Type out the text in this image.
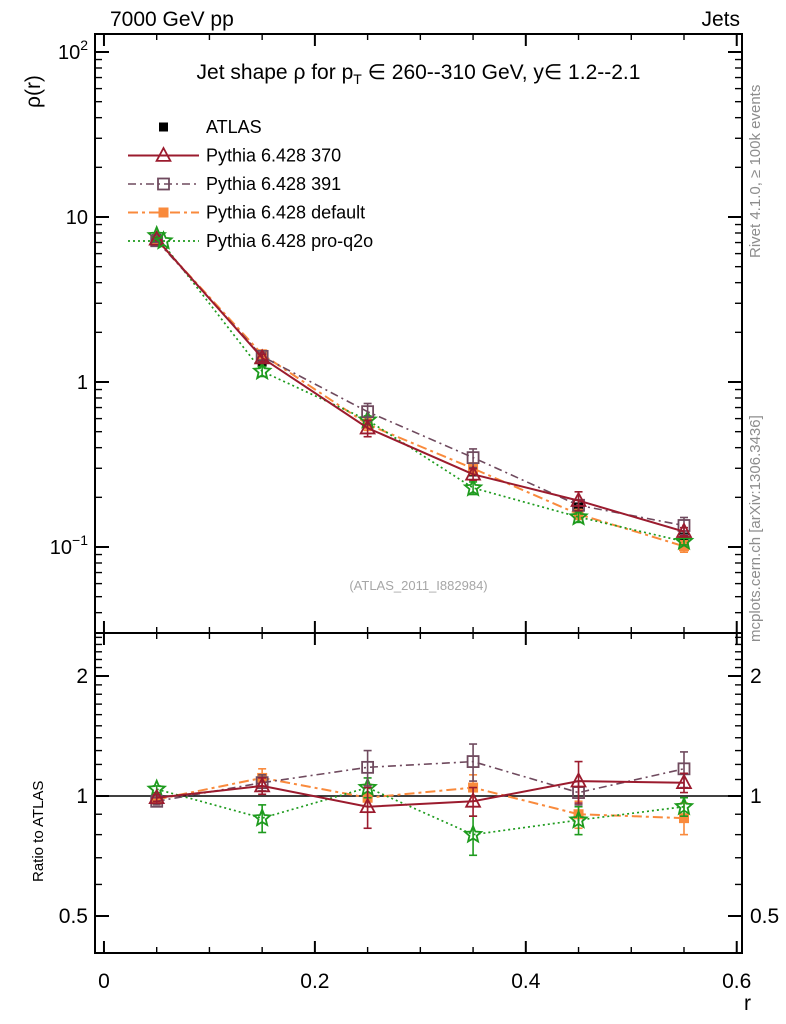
7000 GeV pp	Jets
ρ(r)
Ratio to ATLAS
Rivet 4.1.0, ≥ 100k events
mcplots.cern.ch [arXiv:1306.3436]
Jet shape ρ for $p_T$ ∈ 260--310 GeV, y∈ 1.2--2.1
(ATLAS_2011_I882984)
r
$10^2$
10
1
$10^{-1}$
2	2
1	1
0.5	0.5
0	0.2	0.4	0.6
ATLAS
Pythia 6.428 370
Pythia 6.428 391
Pythia 6.428 default
Pythia 6.428 pro-q2o
